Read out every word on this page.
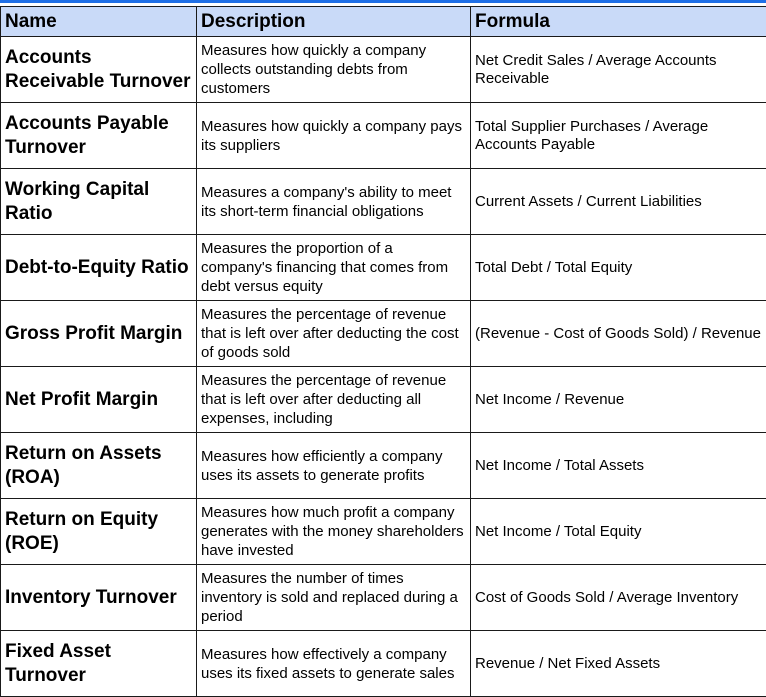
Name	Description	Formula
Accounts Receivable Turnover	Measures how quickly a company collects outstanding debts from customers	Net Credit Sales / Average Accounts Receivable
Accounts Payable Turnover	Measures how quickly a company pays its suppliers	Total Supplier Purchases / Average Accounts Payable
Working Capital Ratio	Measures a company's ability to meet its short-term financial obligations	Current Assets / Current Liabilities
Debt-to-Equity Ratio	Measures the proportion of a company's financing that comes from debt versus equity	Total Debt / Total Equity
Gross Profit Margin	Measures the percentage of revenue that is left over after deducting the cost of goods sold	(Revenue - Cost of Goods Sold) / Revenue
Net Profit Margin	Measures the percentage of revenue that is left over after deducting all expenses, including	Net Income / Revenue
Return on Assets (ROA)	Measures how efficiently a company uses its assets to generate profits	Net Income / Total Assets
Return on Equity (ROE)	Measures how much profit a company generates with the money shareholders have invested	Net Income / Total Equity
Inventory Turnover	Measures the number of times inventory is sold and replaced during a period	Cost of Goods Sold / Average Inventory
Fixed Asset Turnover	Measures how effectively a company uses its fixed assets to generate sales	Revenue / Net Fixed Assets
